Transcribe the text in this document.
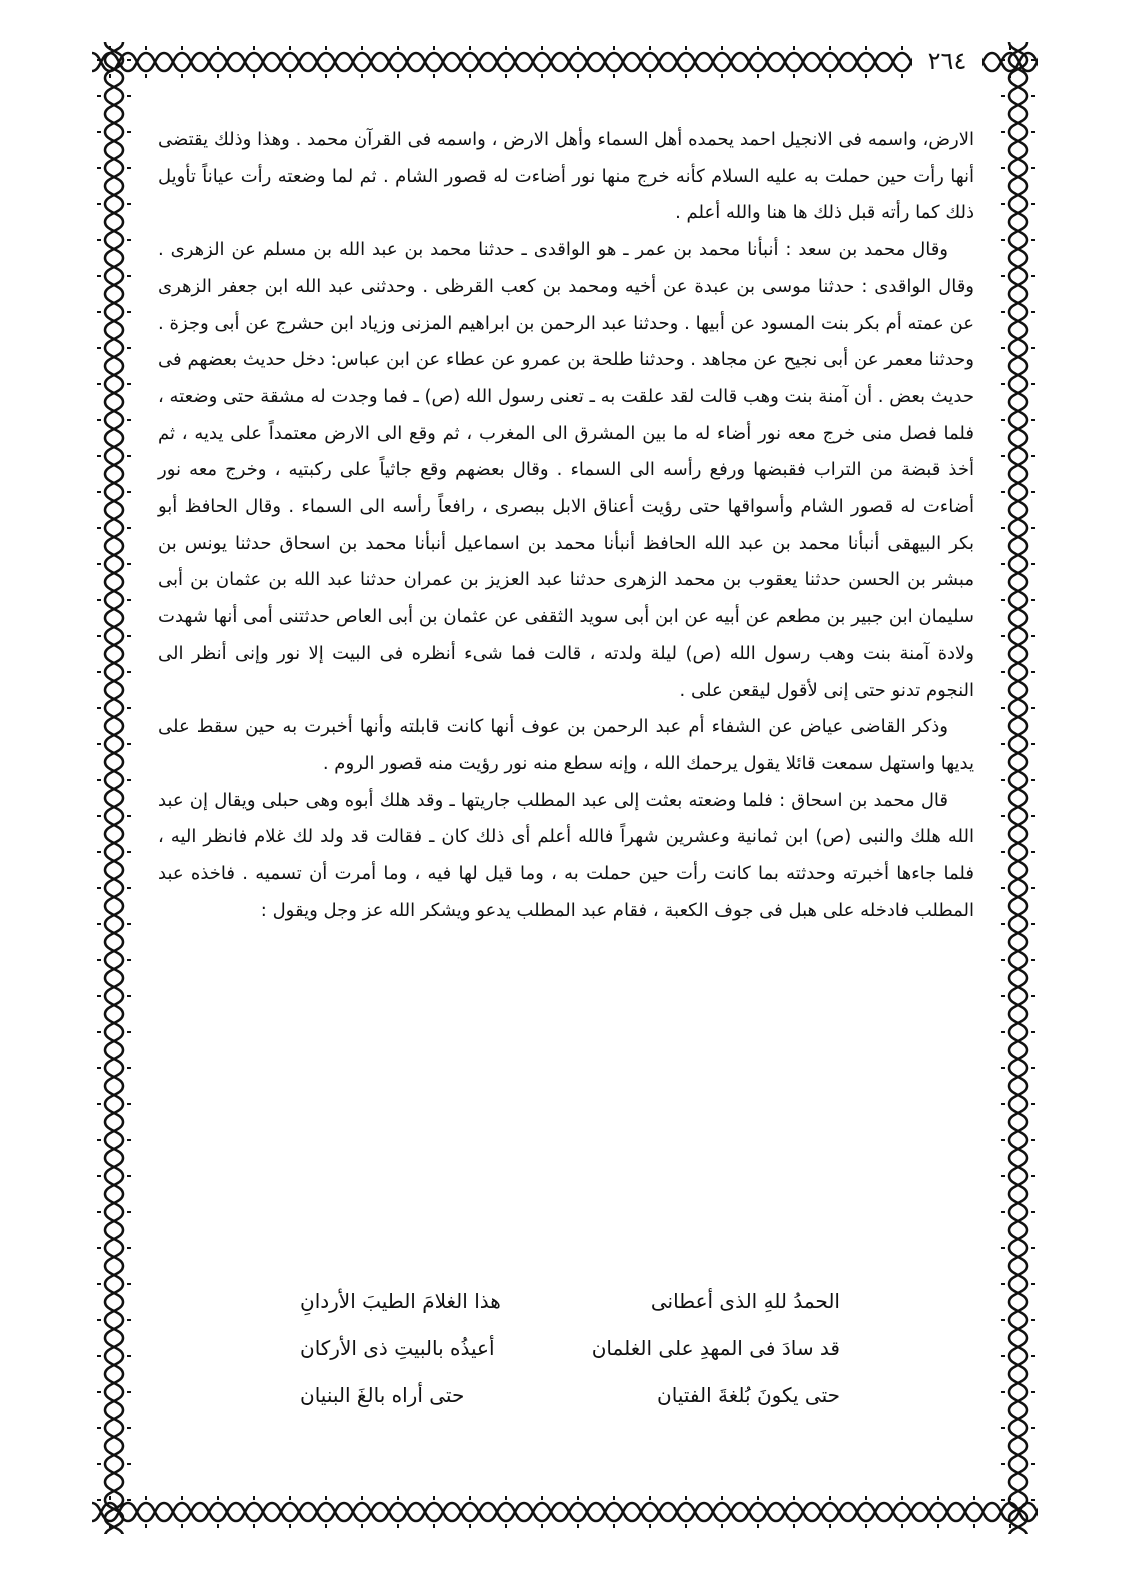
٢٦٤

الارض، واسمه فى الانجيل احمد يحمده أهل السماء وأهل الارض ، واسمه فى القرآن محمد . وهذا وذلك يقتضى أنها رأت حين حملت به عليه السلام كأنه خرج منها نور أضاءت له قصور الشام . ثم لما وضعته رأت عياناً تأويل ذلك كما رأته قبل ذلك ها هنا والله أعلم .

وقال محمد بن سعد : أنبأنا محمد بن عمر ـ هو الواقدى ـ حدثنا محمد بن عبد الله بن مسلم عن الزهرى . وقال الواقدى : حدثنا موسى بن عبدة عن أخيه ومحمد بن كعب القرظى . وحدثنى عبد الله ابن جعفر الزهرى عن عمته أم بكر بنت المسود عن أبيها . وحدثنا عبد الرحمن بن ابراهيم المزنى وزياد ابن حشرج عن أبى وجزة . وحدثنا معمر عن أبى نجيح عن مجاهد . وحدثنا طلحة بن عمرو عن عطاء عن ابن عباس: دخل حديث بعضهم فى حديث بعض . أن آمنة بنت وهب قالت لقد علقت به ـ تعنى رسول الله (ص) ـ فما وجدت له مشقة حتى وضعته ، فلما فصل منى خرج معه نور أضاء له ما بين المشرق الى المغرب ، ثم وقع الى الارض معتمداً على يديه ، ثم أخذ قبضة من التراب فقبضها ورفع رأسه الى السماء . وقال بعضهم وقع جاثياً على ركبتيه ، وخرج معه نور أضاءت له قصور الشام وأسواقها حتى رؤيت أعناق الابل ببصرى ، رافعاً رأسه الى السماء . وقال الحافظ أبو بكر البيهقى أنبأنا محمد بن عبد الله الحافظ أنبأنا محمد بن اسماعيل أنبأنا محمد بن اسحاق حدثنا يونس بن مبشر بن الحسن حدثنا يعقوب بن محمد الزهرى حدثنا عبد العزيز بن عمران حدثنا عبد الله بن عثمان بن أبى سليمان ابن جبير بن مطعم عن أبيه عن ابن أبى سويد الثقفى عن عثمان بن أبى العاص حدثتنى أمى أنها شهدت ولادة آمنة بنت وهب رسول الله (ص) ليلة ولدته ، قالت فما شىء أنظره فى البيت إلا نور وإنى أنظر الى النجوم تدنو حتى إنى لأقول ليقعن على .

وذكر القاضى عياض عن الشفاء أم عبد الرحمن بن عوف أنها كانت قابلته وأنها أخبرت به حين سقط على يديها واستهل سمعت قائلا يقول يرحمك الله ، وإنه سطع منه نور رؤيت منه قصور الروم .

قال محمد بن اسحاق : فلما وضعته بعثت إلى عبد المطلب جاريتها ـ وقد هلك أبوه وهى حبلى ويقال إن عبد الله هلك والنبى (ص) ابن ثمانية وعشرين شهراً فالله أعلم أى ذلك كان ـ فقالت قد ولد لك غلام فانظر اليه ، فلما جاءها أخبرته وحدثته بما كانت رأت حين حملت به ، وما قيل لها فيه ، وما أمرت أن تسميه . فاخذه عبد المطلب فادخله على هبل فى جوف الكعبة ، فقام عبد المطلب يدعو ويشكر الله عز وجل ويقول :

الحمدُ للهِ الذى أعطانى
هذا الغلامَ الطيبَ الأردانِ
قد سادَ فى المهدِ على الغلمان
أعيذُه بالبيتِ ذى الأركان
حتى يكونَ بُلغةَ الفتيان
حتى أراه بالغَ البنيان
